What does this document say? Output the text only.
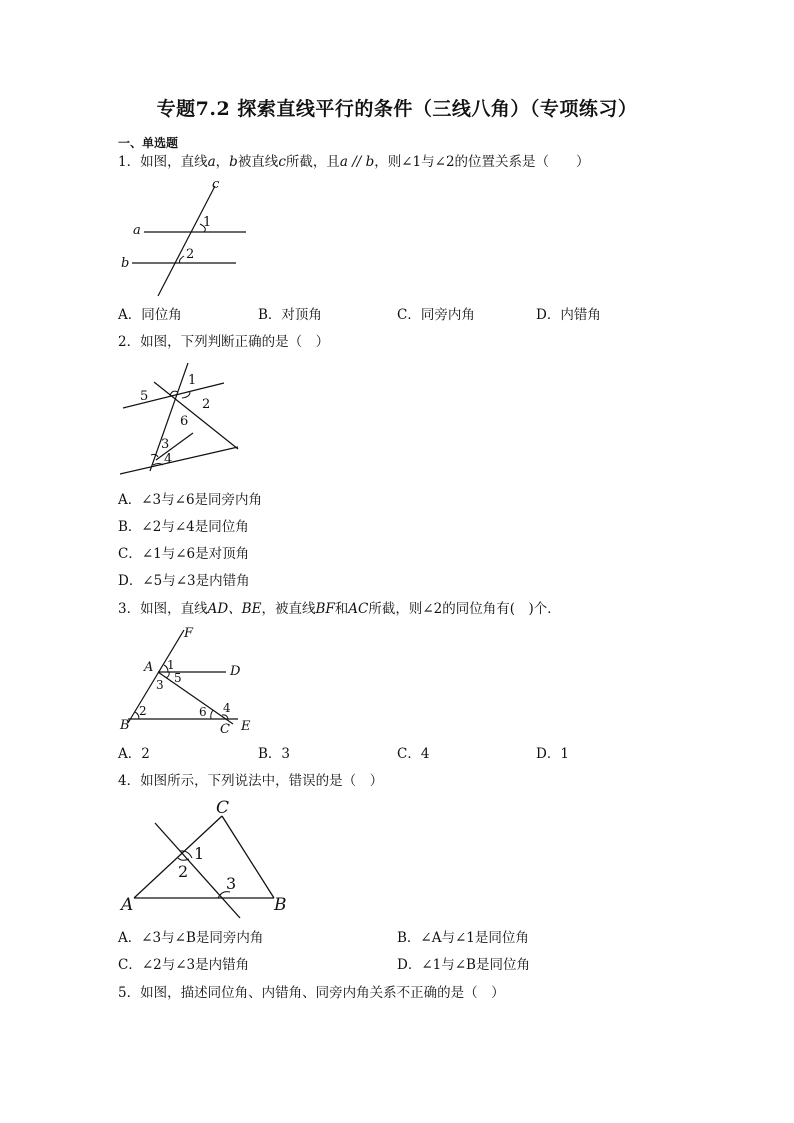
专题7.2 探索直线平行的条件（三线八角）（专项练习）
一、单选题
1．如图，直线a，b被直线c所截，且a // b，则∠1与∠2的位置关系是（　　）
c
a
b
1
2
A．同位角	B．对顶角	C．同旁内角	D．内错角
2．如图，下列判断正确的是（　）
1
5
2
6
3
4
A．∠3与∠6是同旁内角
B．∠2与∠4是同位角
C．∠1与∠6是对顶角
D．∠5与∠3是内错角
3．如图，直线AD、BE，被直线BF和AC所截，则∠2的同位角有(　)个．
F
A	D
B	C E
1
5
3
2	6 4
A．2	B．3	C．4	D．1
4．如图所示，下列说法中，错误的是（　）
C
A	B
1
2
3
A．∠3与∠B是同旁内角	B．∠A与∠1是同位角
C．∠2与∠3是内错角	D．∠1与∠B是同位角
5．如图，描述同位角、内错角、同旁内角关系不正确的是（　）
